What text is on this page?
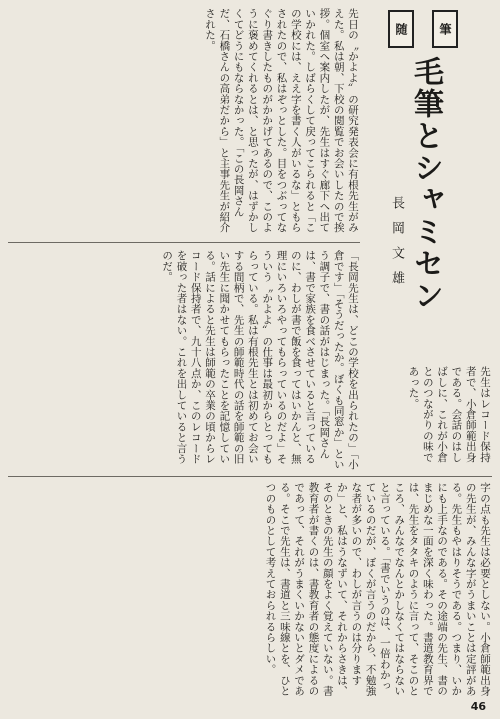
筆
随
毛筆とシャミセン
長岡文雄
先日の〝かよよ〟の研究発表会に有根先生がみえた。私は朝、下校の閲覧でお会いしたので挨拶。個室へ案内したが、先生はすぐ廊下へ出ていかれた。しばらくして戻ってこられると「この学校には、ええ字を書く人がいるな」ともらされたので、私はぞっとした。目をつぶってなぐり書きしたものがかかげてあるので、このように褒めてくれるとは、と思ったが、はずかしくてどうにもならなかった。「この長岡さんだ、石橋さんの高弟だから」と主事先生が紹介された。
「長岡先生は、どこの学校を出られたの」「小倉です」「そうだったか。ぼくも同窓か」という調子で、書の話がはじまった。「長岡さんは、書で家族を食べさせていると言っているのに、わしが書で飯を食ってはいかんと、無理にいろいろやってもらっているのだよ」そういう〝かよよ〟の仕事は最初からとってもらっている。私は有根先生とは初めてお会いする間柄で、先生の師範時代の話を師範の旧い先生に聞かせてもらったことを記憶している。話によると先生は師範の卒業の頃からレコード保持者で、九十八点か、このレコードを破った者はない。これを出していると言うのだ。
先生はレコード保持者で、小倉師範出身である。会話のはしばしに、これが小倉とのつながりの味であった。
字の点も先生は必要としない。小倉師範出身の先生が、みんな字がうまいことは定評がある。先生もやはりそうである。つまり、いかにも上手なのである。その途端の先生、書のまじめな一面を深く味わった。書道教育界では、先生をタタキのように言って、そこのところ、みんなでなんとかしなくてはならないと言っている。「書でいうのは、一倍わかっているのだが、ぼくが言うのだから、不勉強な者が多いので、わしが言うのは分りますか」と、私はうなずいて、それからさきは、そのときの先生の顔をよく覚えていない。書教育者が書くのは、書教育者の態度によるのであって、それがうまくいかないとダメである。そこで先生は、書道と三味線とを、ひとつのものとして考えておられるらしい。
46
